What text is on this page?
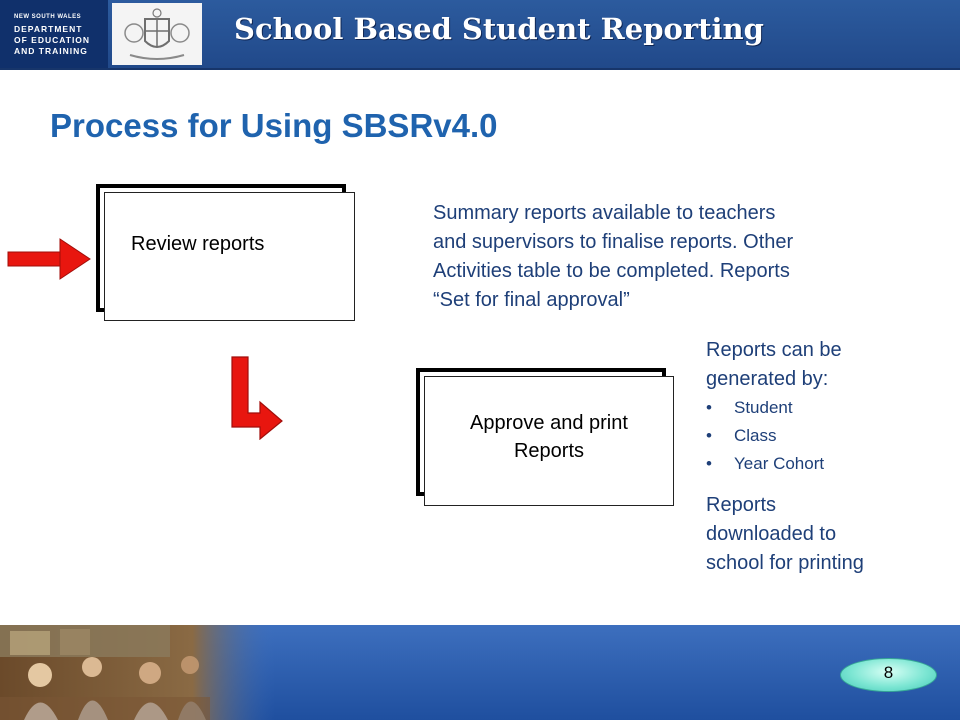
NEW SOUTH WALES
DEPARTMENT
OF EDUCATION
AND TRAINING
School Based Student Reporting
Process for Using SBSRv4.0
Review reports
Summary reports available to teachers
and supervisors to finalise reports. Other
Activities table to be completed. Reports
“Set for final approval”
Approve and print
Reports
Reports can be
generated by:
• Student
• Class
• Year Cohort
Reports
downloaded to
school for printing
8
